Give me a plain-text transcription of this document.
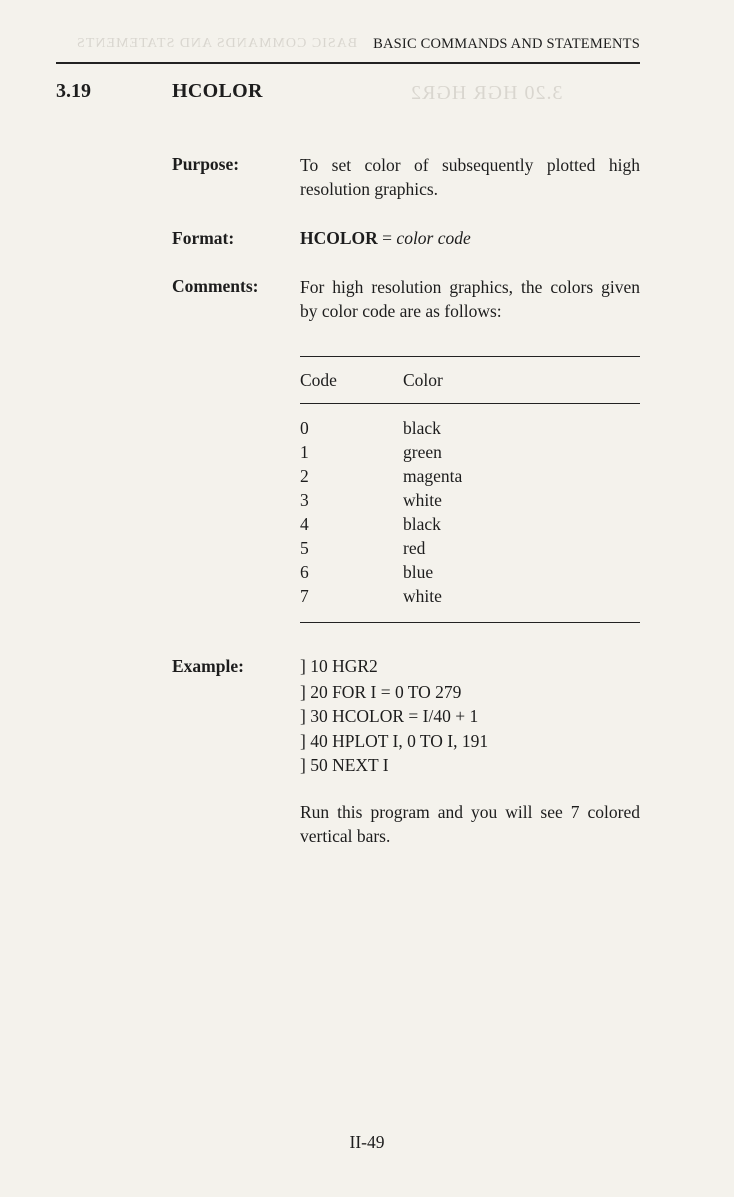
BASIC COMMANDS AND STATEMENTS
3.20 HGR HGR2
BASIC COMMANDS AND STATEMENTS
3.19	HCOLOR
Purpose:	To set color of subsequently plotted high resolution graphics.
Format:	HCOLOR = color code
Comments: For high resolution graphics, the colors given by color code are as follows:
Code	Color
0	black
1	green
2	magenta
3	white
4	black
5	red
6	blue
7	white
Example:	] 10 HGR2
] 20 FOR I = 0 TO 279
] 30 HCOLOR = I/40 + 1
] 40 HPLOT I, 0 TO I, 191
] 50 NEXT I
Run this program and you will see 7 colored vertical bars.
II-49
